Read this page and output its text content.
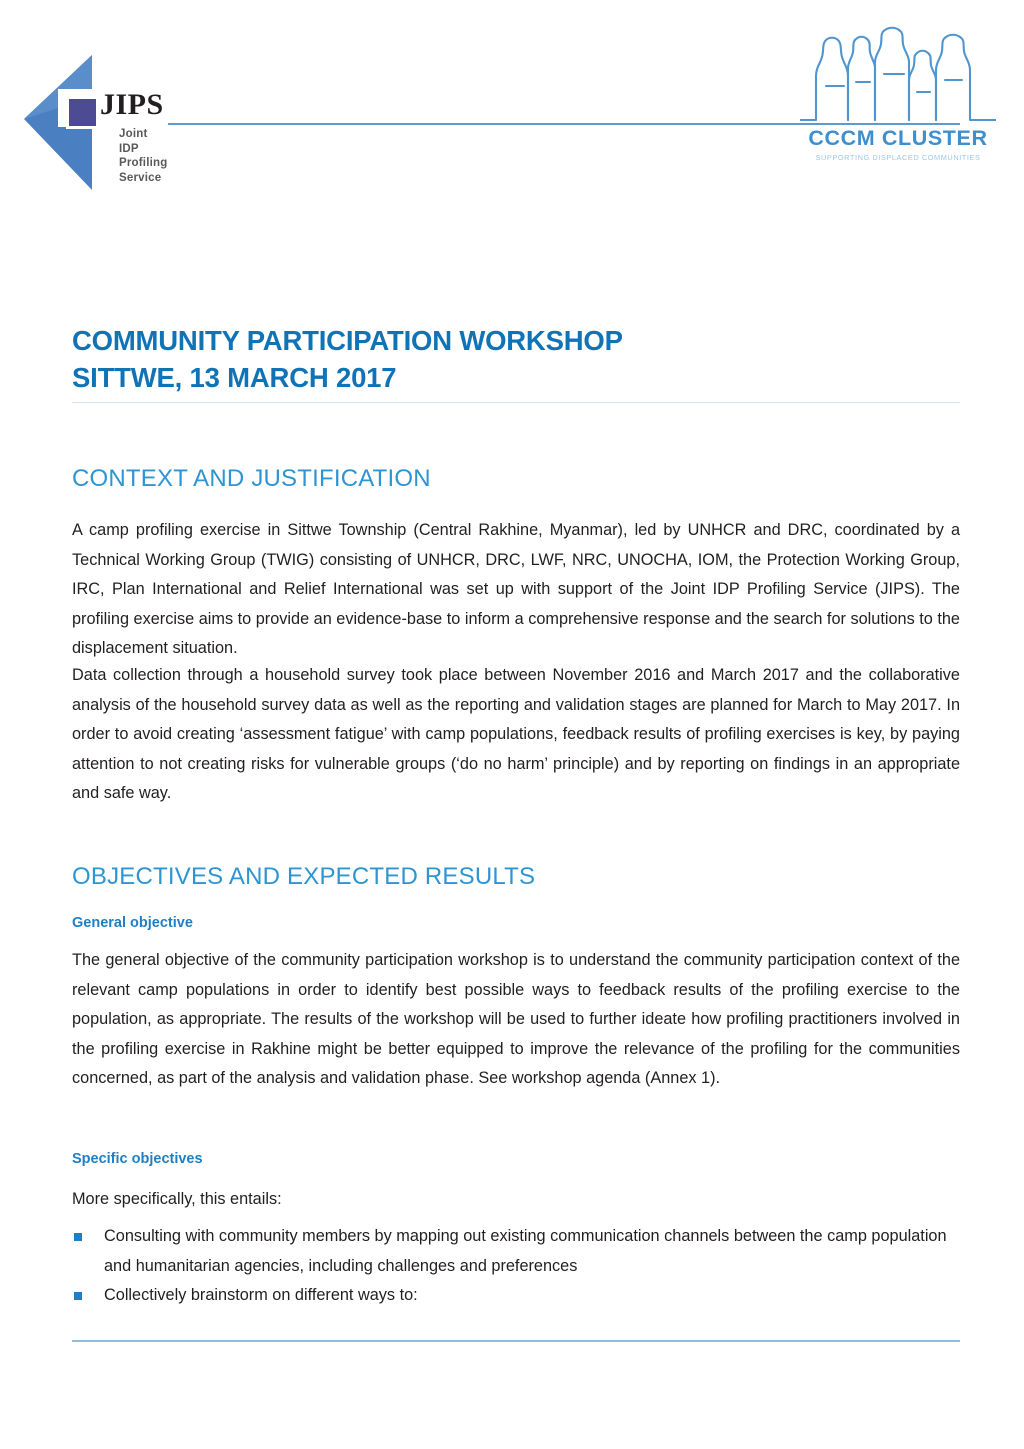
JIPS
Joint
IDP
Profiling
Service
CCCM CLUSTER
SUPPORTING DISPLACED COMMUNITIES
COMMUNITY PARTICIPATION WORKSHOP
SITTWE, 13 MARCH 2017
CONTEXT AND JUSTIFICATION

A camp profiling exercise in Sittwe Township (Central Rakhine, Myanmar), led by UNHCR and DRC, coordinated by a Technical Working Group (TWIG) consisting of UNHCR, DRC, LWF, NRC, UNOCHA, IOM, the Protection Working Group, IRC, Plan International and Relief International was set up with support of the Joint IDP Profiling Service (JIPS). The profiling exercise aims to provide an evidence-base to inform a comprehensive response and the search for solutions to the displacement situation.

Data collection through a household survey took place between November 2016 and March 2017 and the collaborative analysis of the household survey data as well as the reporting and validation stages are planned for March to May 2017. In order to avoid creating ‘assessment fatigue’ with camp populations, feedback results of profiling exercises is key, by paying attention to not creating risks for vulnerable groups (‘do no harm’ principle) and by reporting on findings in an appropriate and safe way.

OBJECTIVES AND EXPECTED RESULTS
General objective

The general objective of the community participation workshop is to understand the community participation context of the relevant camp populations in order to identify best possible ways to feedback results of the profiling exercise to the population, as appropriate. The results of the workshop will be used to further ideate how profiling practitioners involved in the profiling exercise in Rakhine might be better equipped to improve the relevance of the profiling for the communities concerned, as part of the analysis and validation phase. See workshop agenda (Annex 1).

Specific objectives

More specifically, this entails:

Consulting with community members by mapping out existing communication channels between the camp population and humanitarian agencies, including challenges and preferences
Collectively brainstorm on different ways to:
